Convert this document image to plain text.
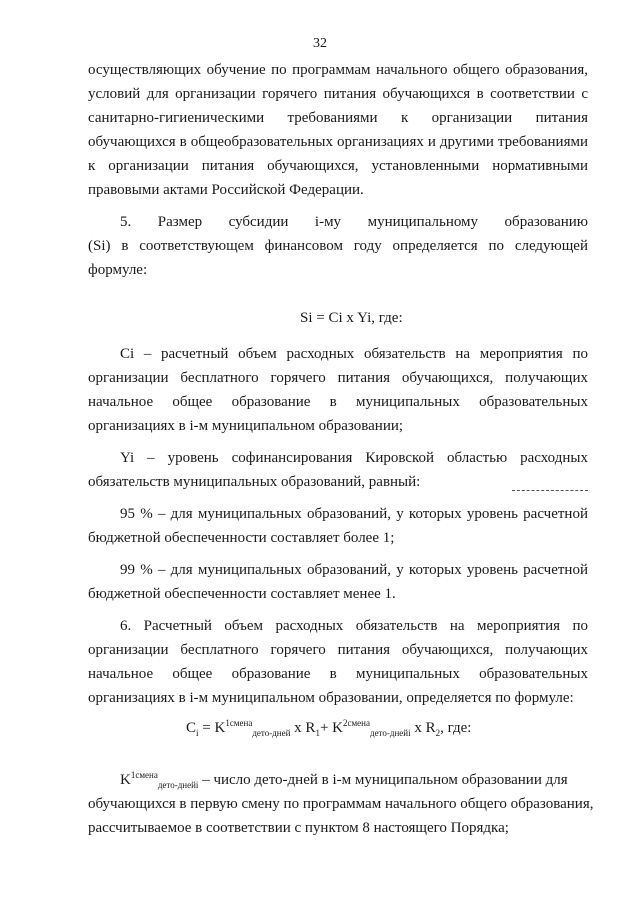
32
осуществляющих обучение по программам начального общего образования,
условий для организации горячего питания обучающихся в соответствии с
санитарно-гигиеническими требованиями к организации питания
обучающихся в общеобразовательных организациях и другими требованиями
к организации питания обучающихся, установленными нормативными
правовыми актами Российской Федерации.
5. Размер субсидии i-му муниципальному образованию
(Si) в соответствующем финансовом году определяется по следующей
формуле:
Ci – расчетный объем расходных обязательств на мероприятия по
организации бесплатного горячего питания обучающихся, получающих
начальное общее образование в муниципальных образовательных
организациях в i-м муниципальном образовании;
Yi – уровень софинансирования Кировской областью расходных
обязательств муниципальных образований, равный:
95 % – для муниципальных образований, у которых уровень расчетной
бюджетной обеспеченности составляет более 1;
99 % – для муниципальных образований, у которых уровень расчетной
бюджетной обеспеченности составляет менее 1.
6. Расчетный объем расходных обязательств на мероприятия по
организации бесплатного горячего питания обучающихся, получающих
начальное общее образование в муниципальных образовательных
организациях в i-м муниципальном образовании, определяется по формуле:
$K^{1смена}_{дето-днейi}$ – число дето-дней в i-м муниципальном образовании для
обучающихся в первую смену по программам начального общего образования,
рассчитываемое в соответствии с пунктом 8 настоящего Порядка;
Si = Ci x Yi, где:
$C_i = K^{1смена}_{дето-дней}$ x $R_1+ K^{2смена}_{дето-днейi}$ x $R_2$, где:
